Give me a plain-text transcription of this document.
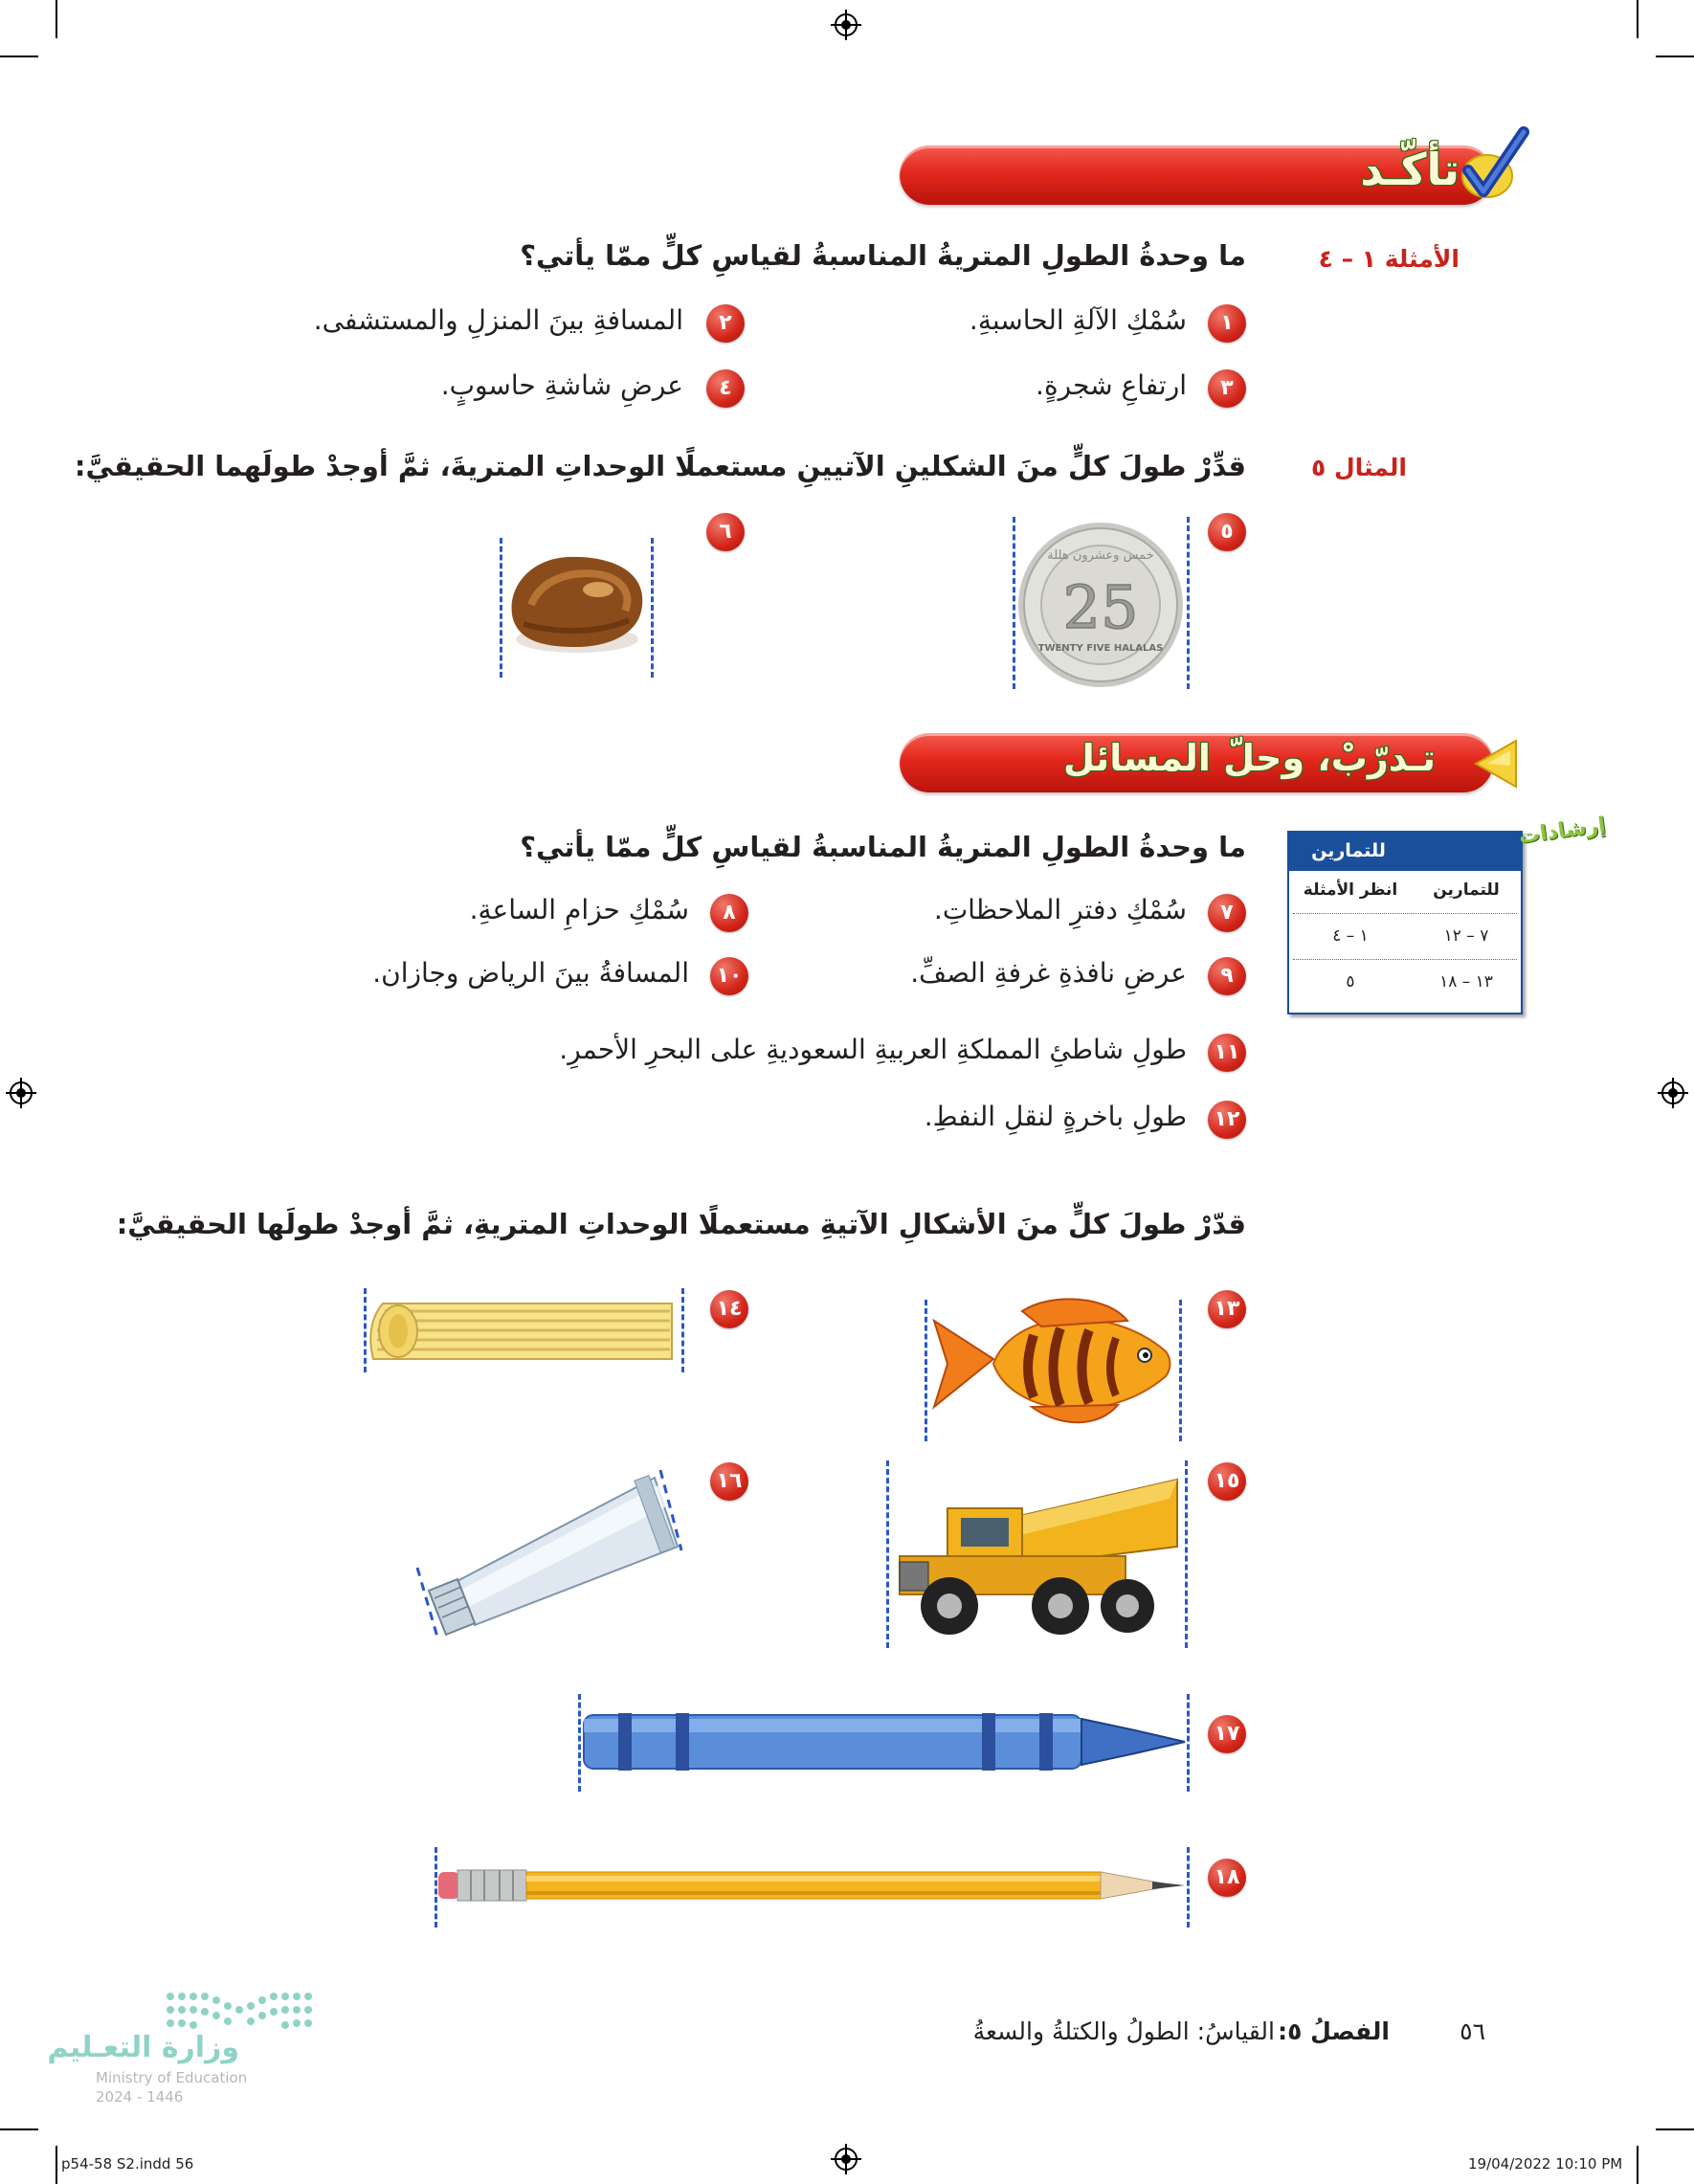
تأكّـد
الأمثلة ١ – ٤
ما وحدةُ الطولِ المتريةُ المناسبةُ لقياسِ كلٍّ ممّا يأتي؟
١
سُمْكِ الآلةِ الحاسبةِ.
٢
المسافةِ بينَ المنزلِ والمستشفى.
٣
ارتفاعِ شجرةٍ.
٤
عرضِ شاشةِ حاسوبٍ.
المثال ٥
قدِّرْ طولَ كلٍّ منَ الشكلينِ الآتيينِ مستعملًا الوحداتِ المتريةَ، ثمَّ أوجدْ طولَهما الحقيقيَّ:
٥
خمس وعشرون هللة
25
TWENTY FIVE HALALAS
٦
تـدرّبْ، وحلّ المسائل
للتمارين
للتمارين
انظر الأمثلة
٧ – ١٢
١ – ٤
١٣ – ١٨
٥
إرشادات
ما وحدةُ الطولِ المتريةُ المناسبةُ لقياسِ كلٍّ ممّا يأتي؟
٧
سُمْكِ دفترِ الملاحظاتِ.
٨
سُمْكِ حزامِ الساعةِ.
٩
عرضِ نافذةِ غرفةِ الصفِّ.
١٠
المسافةُ بينَ الرياض وجازان.
١١
طولِ شاطئِ المملكةِ العربيةِ السعوديةِ على البحرِ الأحمرِ.
١٢
طولِ باخرةٍ لنقلِ النفطِ.
قدّرْ طولَ كلٍّ منَ الأشكالِ الآتيةِ مستعملًا الوحداتِ المتريةِ، ثمَّ أوجدْ طولَها الحقيقيَّ:
١٣
١٤
١٥
١٦
١٧
١٨
وزارة التعـليم
Ministry of Education
2024 - 1446
٥٦
الفصلُ ٥:
القياسُ: الطولُ والكتلةُ والسعةُ
p54-58 S2.indd 56	19/04/2022 10:10 PM
